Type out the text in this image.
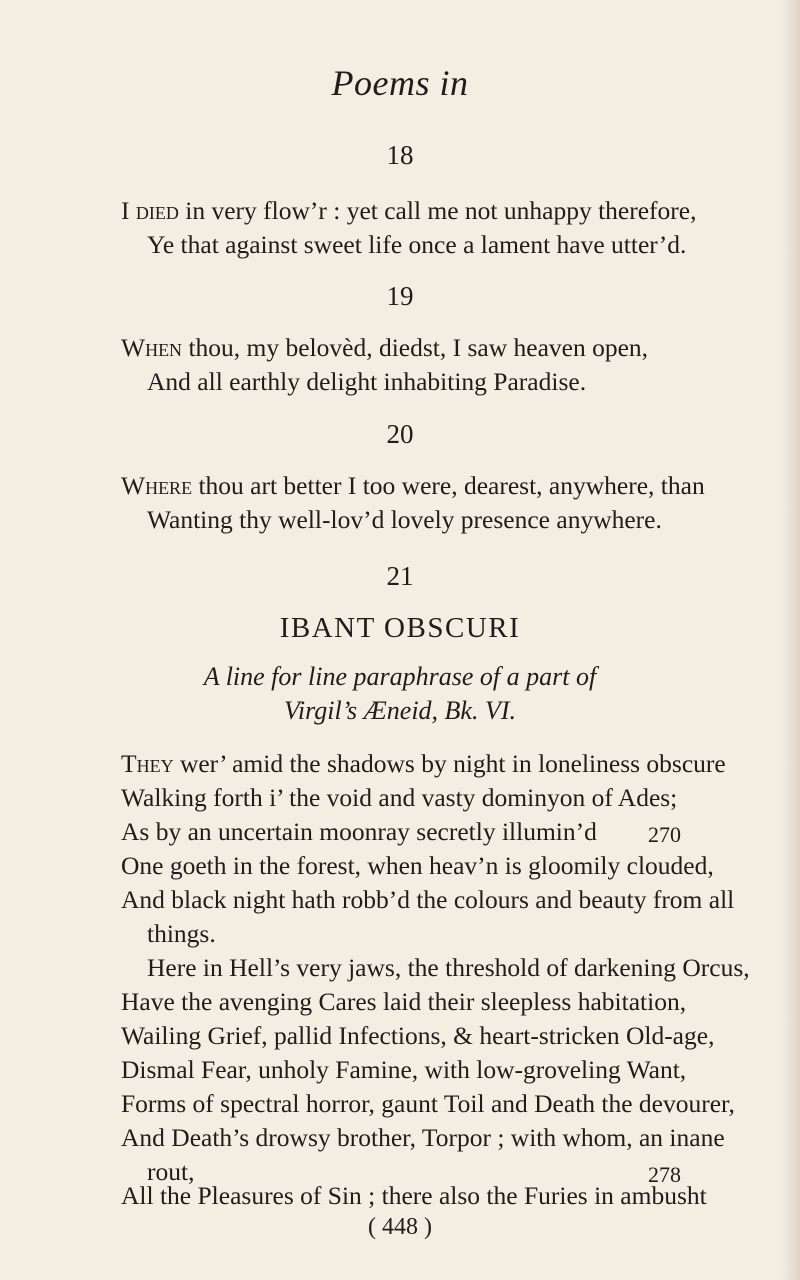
Poems in
18
I died in very flow’r : yet call me not unhappy therefore,
Ye that against sweet life once a lament have utter’d.
19
When thou, my belovèd, diedst, I saw heaven open,
And all earthly delight inhabiting Paradise.
20
Where thou art better I too were, dearest, anywhere, than
Wanting thy well-lov’d lovely presence anywhere.
21
IBANT OBSCURI
A line for line paraphrase of a part of
Virgil’s Æneid, Bk. VI.
They wer’ amid the shadows by night in loneliness obscure
Walking forth i’ the void and vasty dominyon of Ades;
As by an uncertain moonray secretly illumin’d 270
One goeth in the forest, when heav’n is gloomily clouded,
And black night hath robb’d the colours and beauty from all
things.
Here in Hell’s very jaws, the threshold of darkening Orcus,
Have the avenging Cares laid their sleepless habitation,
Wailing Grief, pallid Infections, & heart-stricken Old-age,
Dismal Fear, unholy Famine, with low-groveling Want,
Forms of spectral horror, gaunt Toil and Death the devourer,
And Death’s drowsy brother, Torpor ; with whom, an inane
rout,	278
All the Pleasures of Sin ; there also the Furies in ambusht
( 448 )
